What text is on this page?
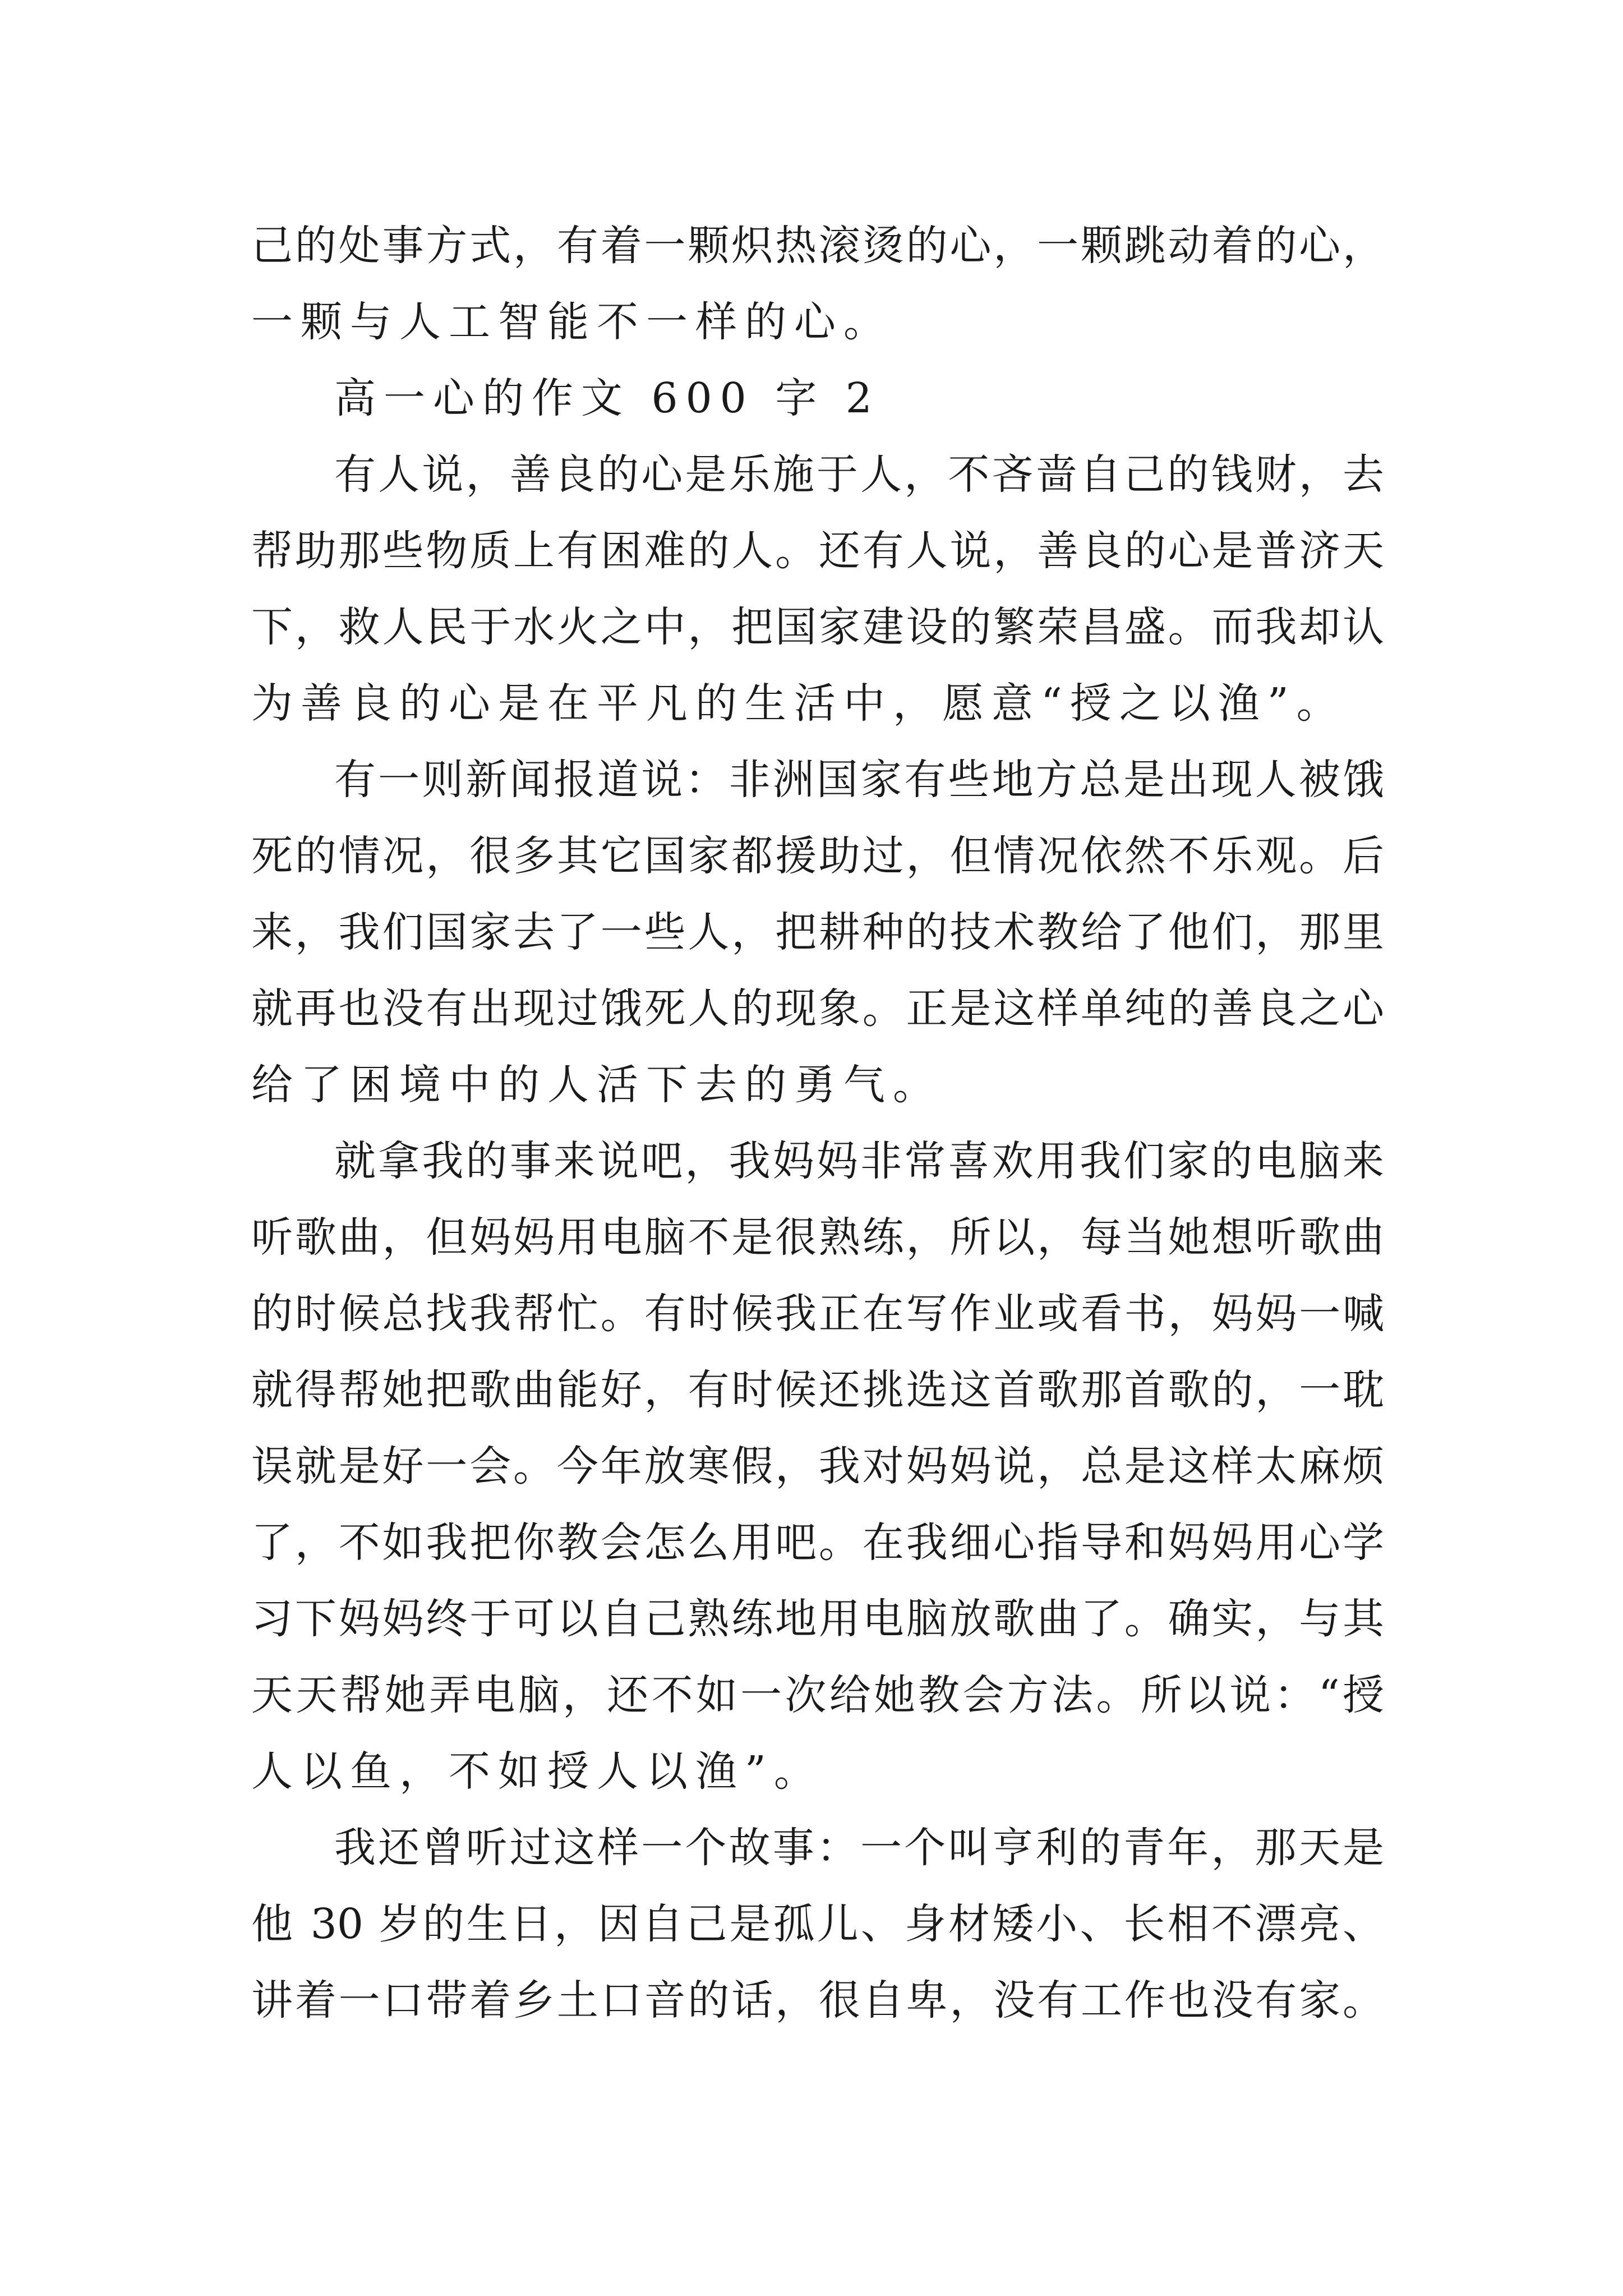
己的处事方式，有着一颗炽热滚烫的心，一颗跳动着的心，
一颗与人工智能不一样的心。
高一心的作文 600 字 2
有人说，善良的心是乐施于人，不吝啬自己的钱财，去
帮助那些物质上有困难的人。还有人说，善良的心是普济天
下，救人民于水火之中，把国家建设的繁荣昌盛。而我却认
为善良的心是在平凡的生活中，愿意“授之以渔”。
有一则新闻报道说：非洲国家有些地方总是出现人被饿
死的情况，很多其它国家都援助过，但情况依然不乐观。后
来，我们国家去了一些人，把耕种的技术教给了他们，那里
就再也没有出现过饿死人的现象。正是这样单纯的善良之心
给了困境中的人活下去的勇气。
就拿我的事来说吧，我妈妈非常喜欢用我们家的电脑来
听歌曲，但妈妈用电脑不是很熟练，所以，每当她想听歌曲
的时候总找我帮忙。有时候我正在写作业或看书，妈妈一喊
就得帮她把歌曲能好，有时候还挑选这首歌那首歌的，一耽
误就是好一会。今年放寒假，我对妈妈说，总是这样太麻烦
了，不如我把你教会怎么用吧。在我细心指导和妈妈用心学
习下妈妈终于可以自己熟练地用电脑放歌曲了。确实，与其
天天帮她弄电脑，还不如一次给她教会方法。所以说：“授
人以鱼，不如授人以渔”。
我还曾听过这样一个故事：一个叫亨利的青年，那天是
他 30 岁的生日，因自己是孤儿、身材矮小、长相不漂亮、
讲着一口带着乡土口音的话，很自卑，没有工作也没有家。
